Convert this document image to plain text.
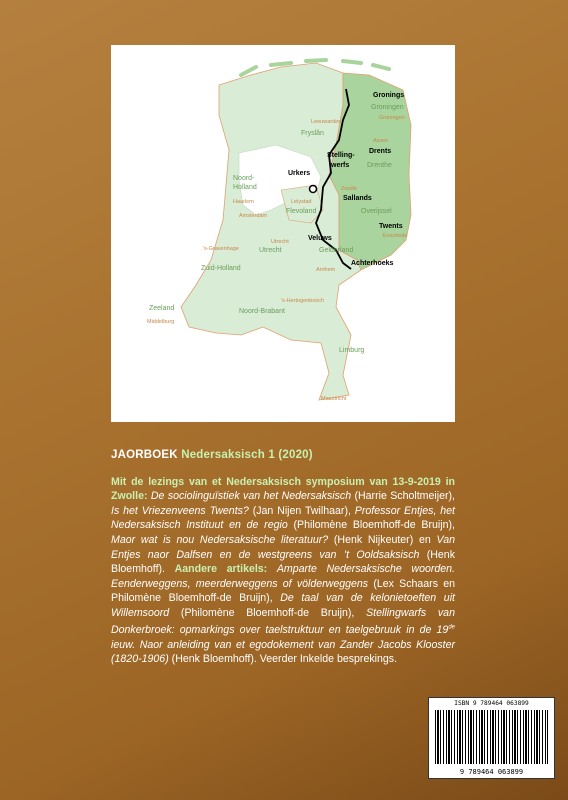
Gronings
Drents
Stelling-
werfs
Urkers
Sallands
Veluws
Twents
Achterhoeks
Groningen
Fryslân
Drenthe
Overijssel
Flevoland
Noord-
Holland
Gelderland
Utrecht
Zuid-Holland
Zeeland	Noord-Brabant
Limburg
Leeuwarden
Groningen
Assen
Zwolle
Lelystad
Haarlem
Amsterdam
's-Gravenhage
Utrecht
Arnhem
Enschede
Middelburg
's-Hertogenbosch
Maastricht
JAORBOEK Nedersaksisch 1 (2020)
Mit de lezings van et Nedersaksisch symposium van 13-9-2019 in Zwolle: De sociolinguïstiek van het Nedersaksisch (Harrie Scholtmeijer), Is het Vriezenveens Twents? (Jan Nijen Twilhaar), Professor Entjes, het Nedersaksisch Instituut en de regio (Philomène Bloemhoff-de Bruijn), Maor wat is nou Nedersaksische literatuur? (Henk Nijkeuter) en Van Entjes naor Dalfsen en de westgreens van ’t Ooldsaksisch (Henk Bloemhoff). Aandere artikels: Amparte Nedersaksische woorden. Eenderweggens, meerderweggens of völderweggens (Lex Schaars en Philomène Bloemhoff-de Bruijn), De taal van de kelonietoeften uit Willemsoord (Philomène Bloemhoff-de Bruijn), Stellingwarfs van Donkerbroek: opmarkings over taelstruktuur en taelgebruuk in de 19de ieuw. Naor anleiding van et egodokement van Zander Jacobs Klooster (1820-1906) (Henk Bloemhoff). Veerder Inkelde besprekings.
ISBN 9 789464 063899
9 789464 063899
